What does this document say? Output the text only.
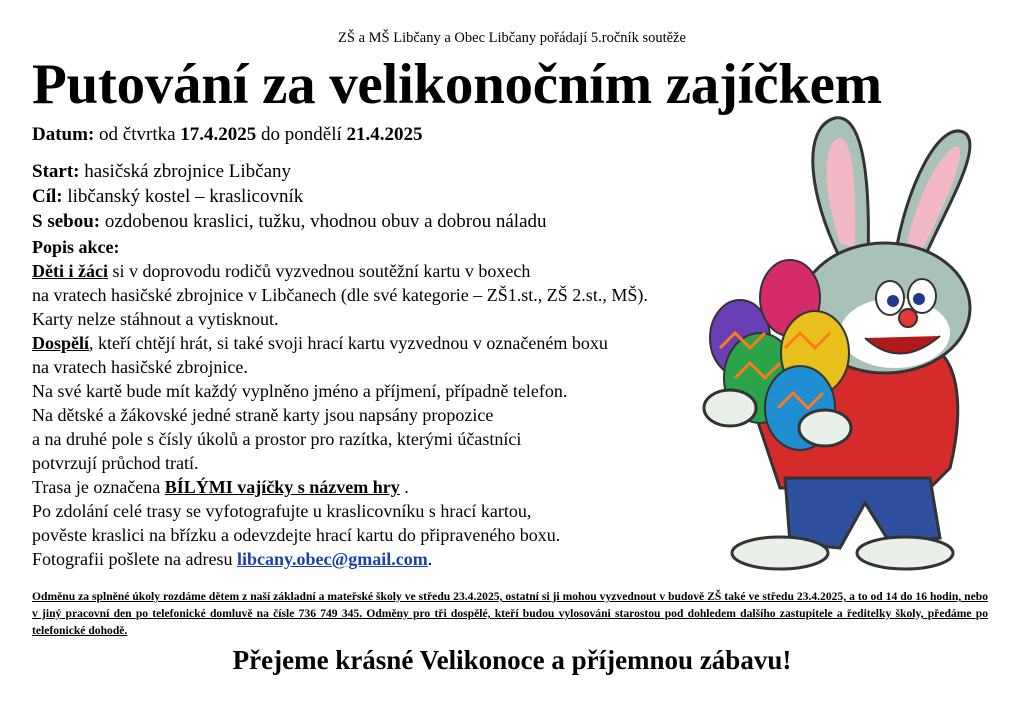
ZŠ a MŠ Libčany a Obec Libčany pořádají 5.ročník soutěže
Putování za velikonočním zajíčkem
Datum: od čtvrtka 17.4.2025 do pondělí 21.4.2025
Start: hasičská zbrojnice Libčany
Cíl: libčanský kostel – kraslicovník
S sebou: ozdobenou kraslici, tužku, vhodnou obuv a dobrou náladu
Popis akce:
Děti i žáci si v doprovodu rodičů vyzvednou soutěžní kartu v boxech
na vratech hasičské zbrojnice v Libčanech (dle své kategorie – ZŠ1.st., ZŠ 2.st., MŠ).
Karty nelze stáhnout a vytisknout.
Dospělí, kteří chtějí hrát, si také svoji hrací kartu vyzvednou v označeném boxu
na vratech hasičské zbrojnice.
Na své kartě bude mít každý vyplněno jméno a příjmení, případně telefon.
Na dětské a žákovské jedné straně karty jsou napsány propozice
a na druhé pole s čísly úkolů a prostor pro razítka, kterými účastníci
potvrzují průchod tratí.
Trasa je označena BÍLÝMI vajíčky s názvem hry .
Po zdolání celé trasy se vyfotografujte u kraslicovníku s hrací kartou,
pověste kraslici na břízku a odevzdejte hrací kartu do připraveného boxu.
Fotografii pošlete na adresu libcany.obec@gmail.com.
Odměnu za splněné úkoly rozdáme dětem z naší základní a mateřské školy ve středu 23.4.2025, ostatní si ji mohou vyzvednout v budově ZŠ také ve středu 23.4.2025, a to od 14 do 16 hodin, nebo v jiný pracovní den po telefonické domluvě na čísle 736 749 345. Odměny pro tři dospělé, kteří budou vylosováni starostou pod dohledem dalšího zastupitele a ředitelky školy, předáme po telefonické dohodě.
Přejeme krásné Velikonoce a příjemnou zábavu!
